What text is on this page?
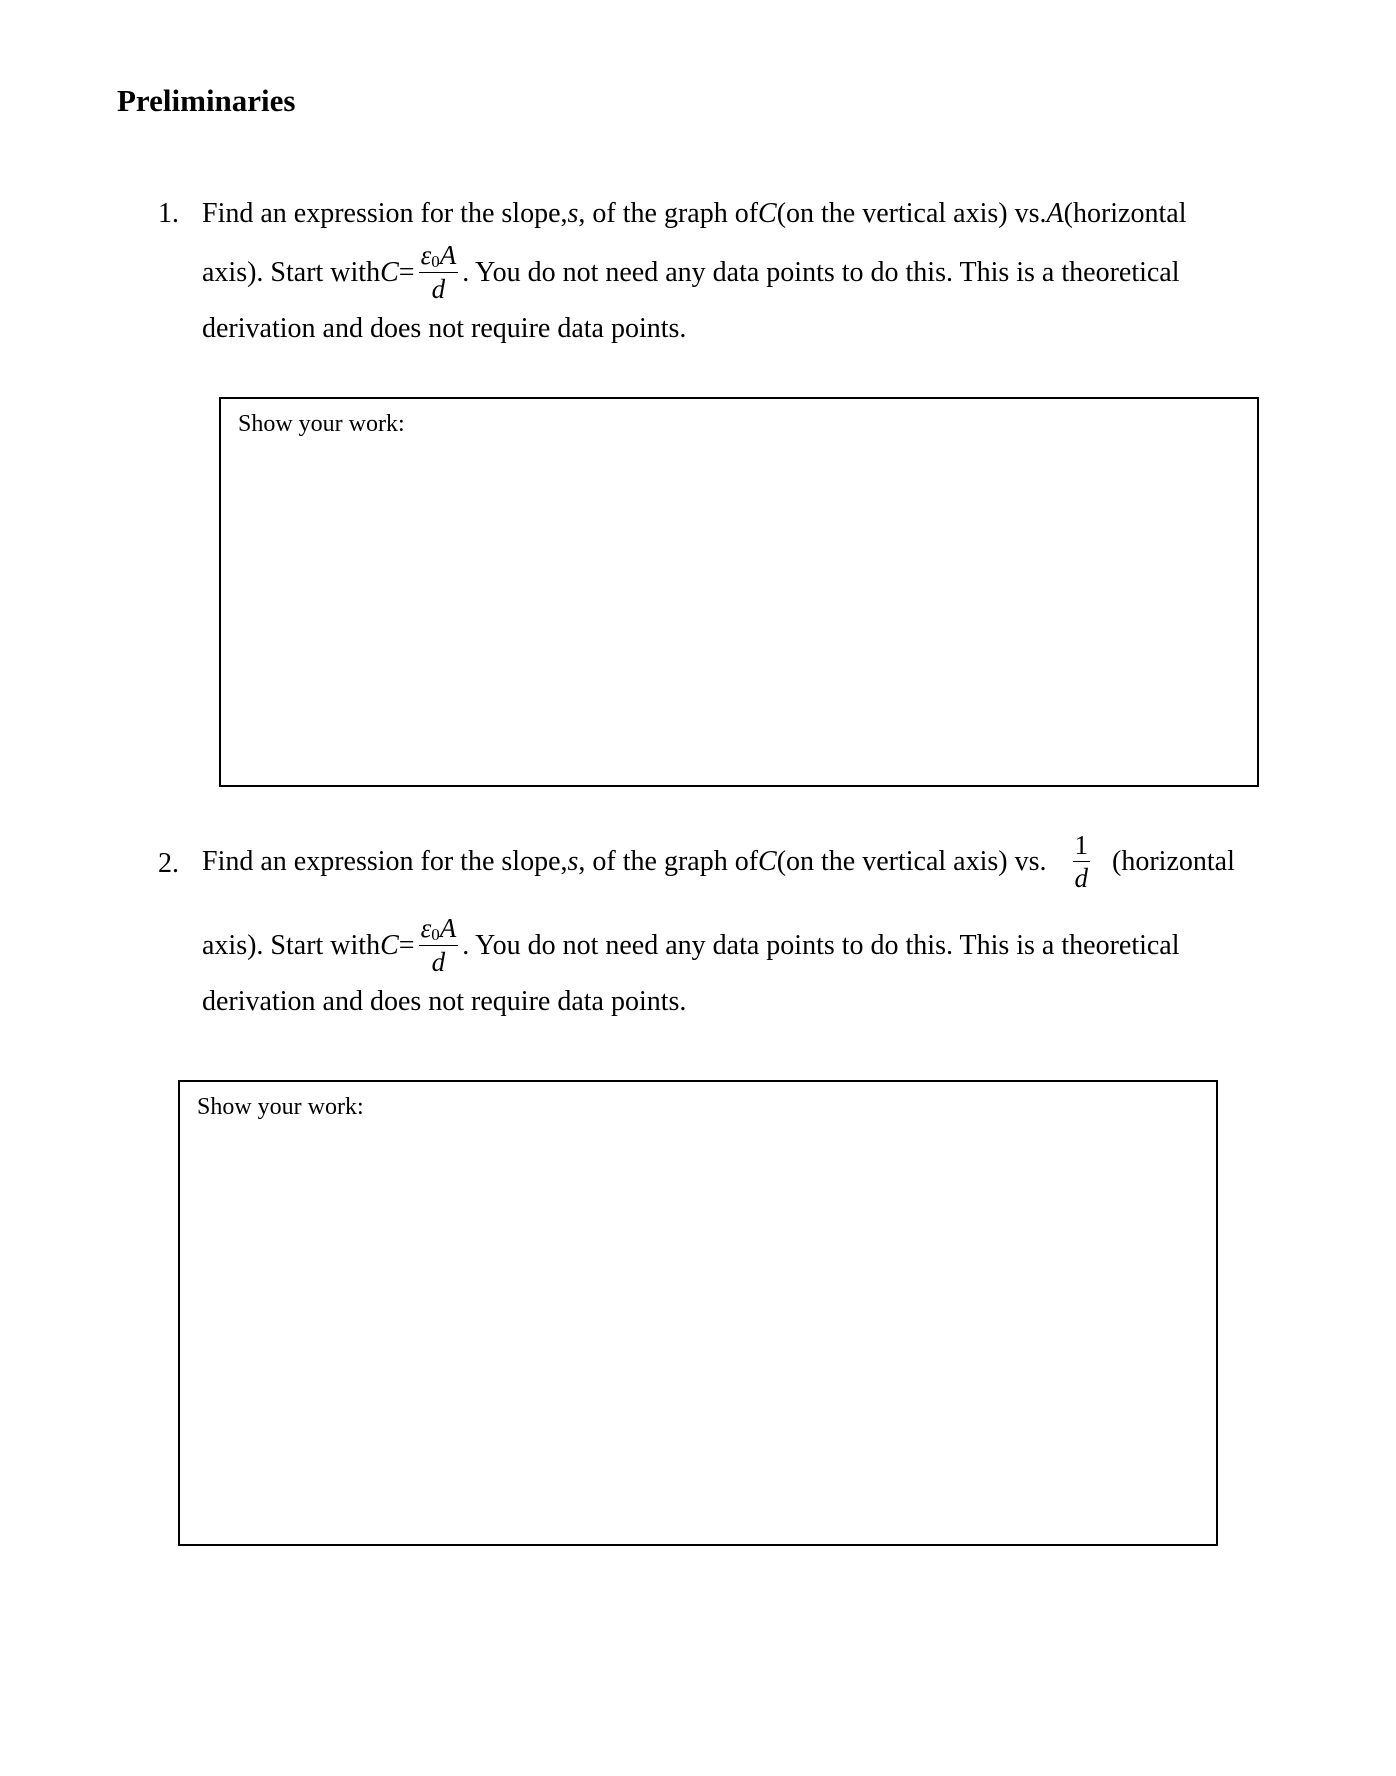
Preliminaries
1. Find an expression for the slope, s , of the graph of C (on the vertical axis) vs. A (horizontal
axis). Start with $C = \frac{\varepsilon_0A}{d}$ . You do not need any data points to do this. This is a theoretical
derivation and does not require data points.
Show your work:
2. Find an expression for the slope, s , of the graph of C (on the vertical axis) vs. $\frac{1}{d}$ (horizontal
axis). Start with $C = \frac{\varepsilon_0A}{d}$ . You do not need any data points to do this. This is a theoretical
derivation and does not require data points.
Show your work:
